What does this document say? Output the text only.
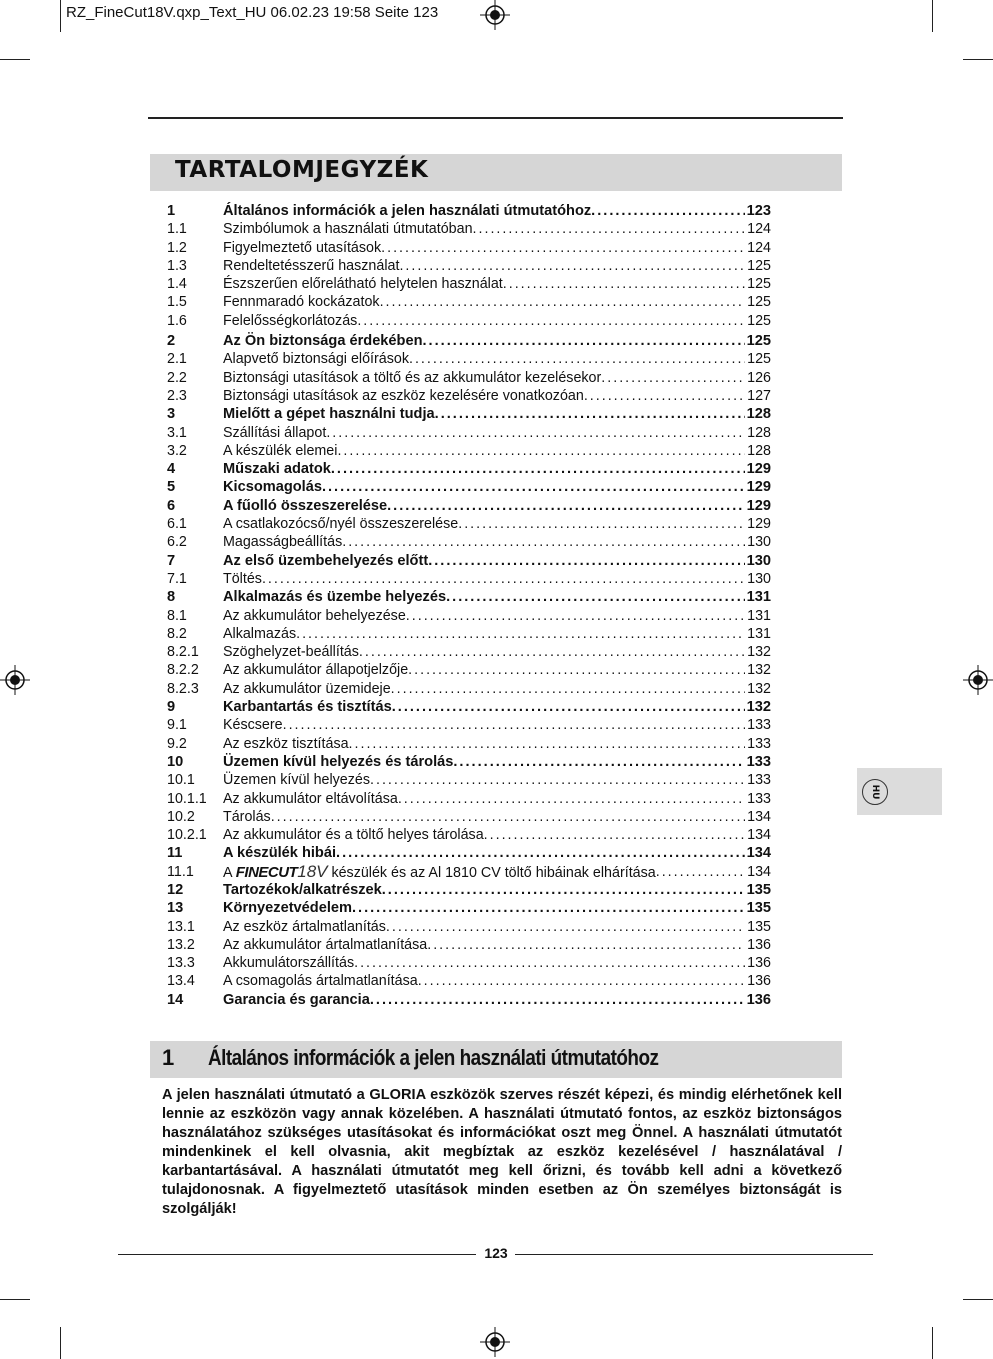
RZ_FineCut18V.qxp_Text_HU 06.02.23 19:58 Seite 123
TARTALOMJEGYZÉK
1	Általános információk a jelen használati útmutatóhoz .....	123
1.1	Szimbólumok a használati útmutatóban .....	124
1.2	Figyelmeztető utasítások .....	124
1.3	Rendeltetésszerű használat .....	125
1.4	Észszerűen előrelátható helytelen használat .....	125
1.5	Fennmaradó kockázatok .....	125
1.6	Felelősségkorlátozás .....	125
2	Az Ön biztonsága érdekében .....	125
2.1	Alapvető biztonsági előírások .....	125
2.2	Biztonsági utasítások a töltő és az akkumulátor kezelésekor .....	126
2.3	Biztonsági utasítások az eszköz kezelésére vonatkozóan .....	127
3	Mielőtt a gépet használni tudja .....	128
3.1	Szállítási állapot .....	128
3.2	A készülék elemei .....	128
4	Műszaki adatok .....	129
5	Kicsomagolás .....	129
6	A fűolló összeszerelése .....	129
6.1	A csatlakozócső/nyél összeszerelése .....	129
6.2	Magasságbeállítás .....	130
7	Az első üzembehelyezés előtt .....	130
7.1	Töltés .....	130
8	Alkalmazás és üzembe helyezés .....	131
8.1	Az akkumulátor behelyezése .....	131
8.2	Alkalmazás .....	131
8.2.1 Szöghelyzet-beállítás .....	132
8.2.2 Az akkumulátor állapotjelzője .....	132
8.2.3 Az akkumulátor üzemideje .....	132
9	Karbantartás és tisztítás .....	132
9.1	Késcsere .....	133
9.2	Az eszköz tisztítása .....	133
10	Üzemen kívül helyezés és tárolás .....	133
10.1 Üzemen kívül helyezés .....	133
10.1.1 Az akkumulátor eltávolítása .....	133
10.2 Tárolás .....	134
10.2.1 Az akkumulátor és a töltő helyes tárolása .....	134
11	A készülék hibái .....	134
11.1 A FINECUT18V készülék és az Al 1810 CV töltő hibáinak elhárítása .....	134
12	Tartozékok/alkatrészek .....	135
13	Környezetvédelem .....	135
13.1 Az eszköz ártalmatlanítás .....	135
13.2 Az akkumulátor ártalmatlanítása .....	136
13.3 Akkumulátorszállítás .....	136
13.4 A csomagolás ártalmatlanítása .....	136
14	Garancia és garancia .....	136
1 Általános információk a jelen használati útmutatóhoz
A jelen használati útmutató a GLORIA eszközök szerves részét képezi, és mindig elérhetőnek kell lennie az eszközön vagy annak közelében. A használati útmutató fontos, az eszköz biztonságos használatához szükséges utasításokat és információkat oszt meg Önnel. A használati útmutatót mindenkinek el kell olvasnia, akit megbíztak az eszköz kezelésével / használatával / karbantartásával. A használati útmutatót meg kell őrizni, és tovább kell adni a következő tulajdonosnak. A figyelmeztető utasítások minden esetben az Ön személyes biztonságát is szolgálják!
HU
123
